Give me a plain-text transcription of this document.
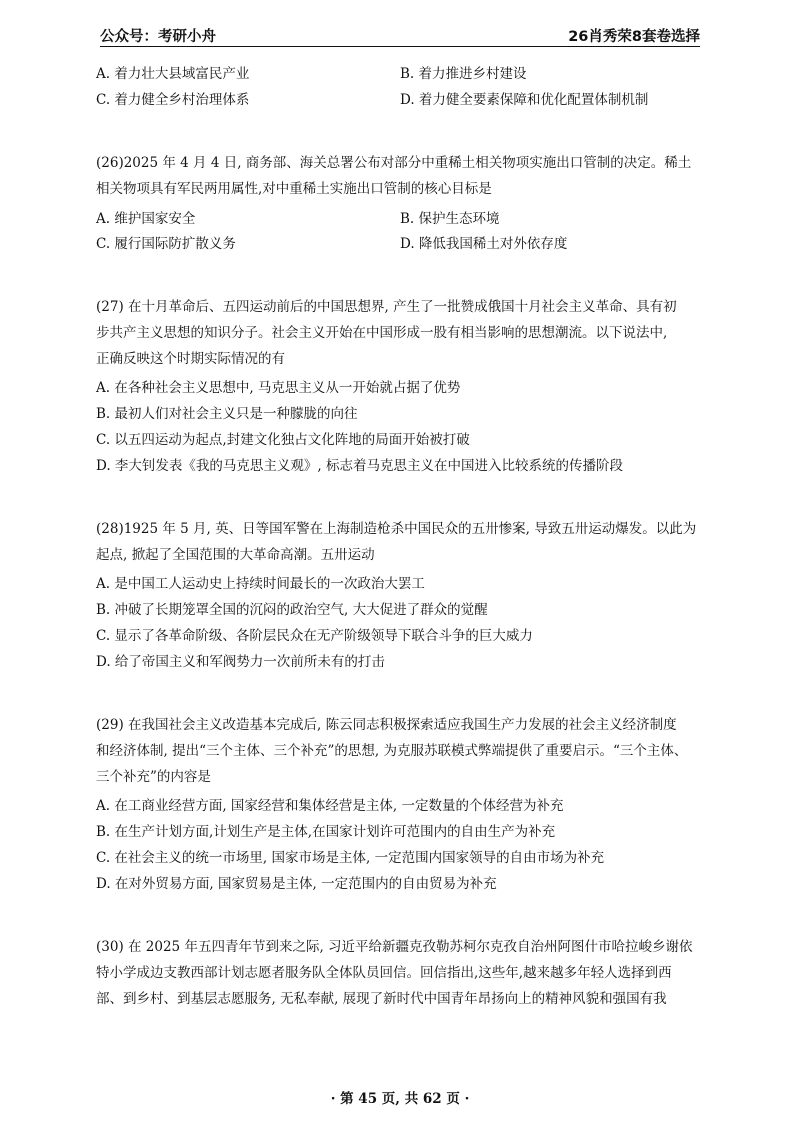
公众号：考研小舟	26肖秀荣8套卷选择
A. 着力壮大县域富民产业	B. 着力推进乡村建设
C. 着力健全乡村治理体系	D. 着力健全要素保障和优化配置体制机制
(26)2025 年 4 月 4 日, 商务部、海关总署公布对部分中重稀土相关物项实施出口管制的决定。稀土
相关物项具有军民两用属性,对中重稀土实施出口管制的核心目标是
A. 维护国家安全	B. 保护生态环境
C. 履行国际防扩散义务	D. 降低我国稀土对外依存度
(27) 在十月革命后、五四运动前后的中国思想界, 产生了一批赞成俄国十月社会主义革命、具有初
步共产主义思想的知识分子。社会主义开始在中国形成一股有相当影响的思想潮流。以下说法中,
正确反映这个时期实际情况的有
A. 在各种社会主义思想中, 马克思主义从一开始就占据了优势
B. 最初人们对社会主义只是一种朦胧的向往
C. 以五四运动为起点,封建文化独占文化阵地的局面开始被打破
D. 李大钊发表《我的马克思主义观》, 标志着马克思主义在中国进入比较系统的传播阶段
(28)1925 年 5 月, 英、日等国军警在上海制造枪杀中国民众的五卅惨案, 导致五卅运动爆发。以此为
起点, 掀起了全国范围的大革命高潮。五卅运动
A. 是中国工人运动史上持续时间最长的一次政治大罢工
B. 冲破了长期笼罩全国的沉闷的政治空气, 大大促进了群众的觉醒
C. 显示了各革命阶级、各阶层民众在无产阶级领导下联合斗争的巨大威力
D. 给了帝国主义和军阀势力一次前所未有的打击
(29) 在我国社会主义改造基本完成后, 陈云同志积极探索适应我国生产力发展的社会主义经济制度
和经济体制, 提出“三个主体、三个补充”的思想, 为克服苏联模式弊端提供了重要启示。“三个主体、
三个补充”的内容是
A. 在工商业经营方面, 国家经营和集体经营是主体, 一定数量的个体经营为补充
B. 在生产计划方面,计划生产是主体,在国家计划许可范围内的自由生产为补充
C. 在社会主义的统一市场里, 国家市场是主体, 一定范围内国家领导的自由市场为补充
D. 在对外贸易方面, 国家贸易是主体, 一定范围内的自由贸易为补充
(30) 在 2025 年五四青年节到来之际, 习近平给新疆克孜勒苏柯尔克孜自治州阿图什市哈拉峻乡谢依
特小学成边支教西部计划志愿者服务队全体队员回信。回信指出,这些年,越来越多年轻人选择到西
部、到乡村、到基层志愿服务, 无私奉献, 展现了新时代中国青年昂扬向上的精神风貌和强国有我
· 第 45 页, 共 62 页 ·
